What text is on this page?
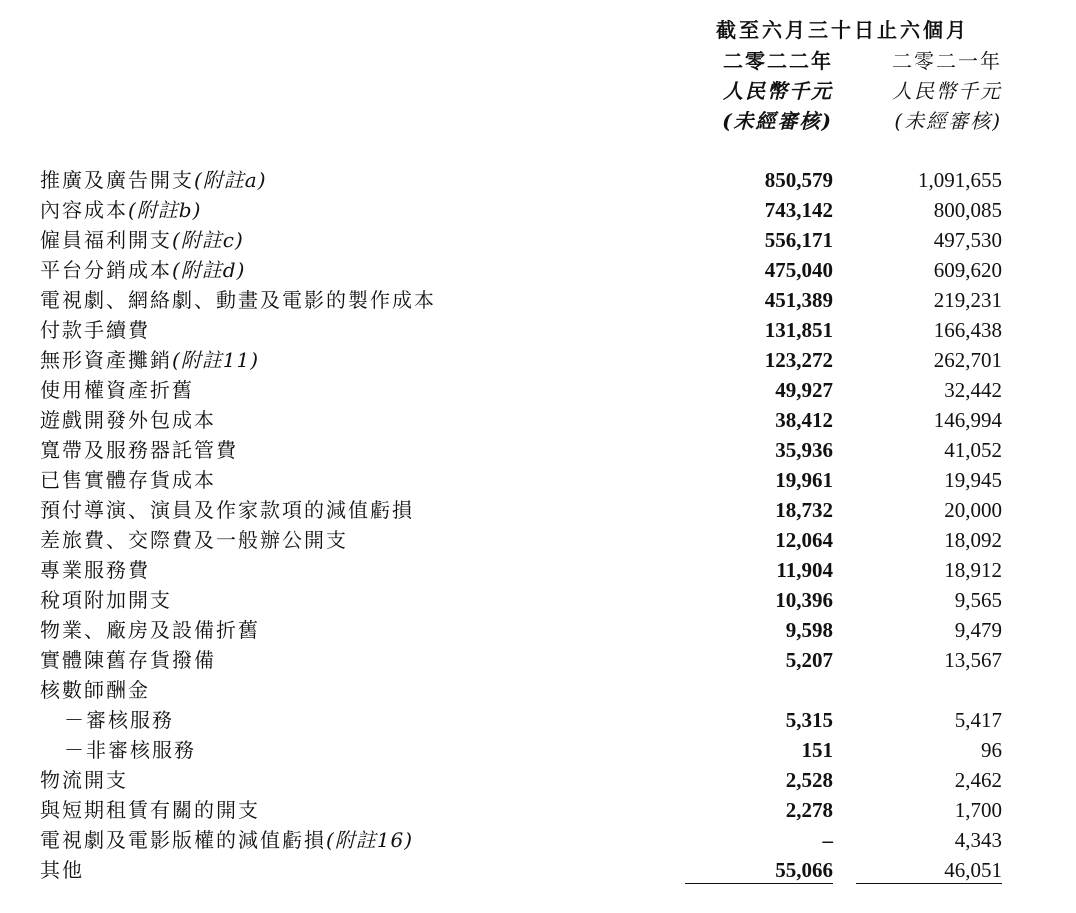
截至六月三十日止六個月
二零二二年
人民幣千元
(未經審核)
二零二一年
人民幣千元
(未經審核)
推廣及廣告開支(附註a)	850,579	1,091,655
內容成本(附註b)	743,142	800,085
僱員福利開支(附註c)	556,171	497,530
平台分銷成本(附註d)	475,040	609,620
電視劇、網絡劇、動畫及電影的製作成本	451,389	219,231
付款手續費	131,851	166,438
無形資產攤銷(附註11)	123,272	262,701
使用權資產折舊	49,927	32,442
遊戲開發外包成本	38,412	146,994
寬帶及服務器託管費	35,936	41,052
已售實體存貨成本	19,961	19,945
預付導演、演員及作家款項的減值虧損	18,732	20,000
差旅費、交際費及一般辦公開支	12,064	18,092
專業服務費	11,904	18,912
稅項附加開支	10,396	9,565
物業、廠房及設備折舊	9,598	9,479
實體陳舊存貨撥備	5,207	13,567
核數師酬金
－審核服務	5,315	5,417
－非審核服務	151	96
物流開支	2,528	2,462
與短期租賃有關的開支	2,278	1,700
電視劇及電影版權的減值虧損(附註16)	–	4,343
其他	55,066	46,051
